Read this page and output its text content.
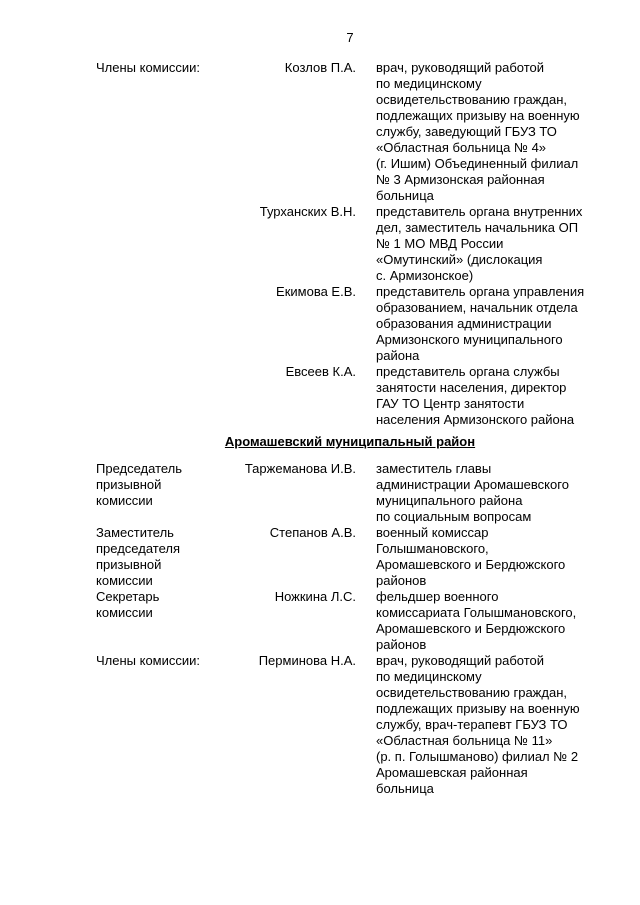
7
Члены комиссии:	Козлов П.А. врач, руководящий работой
по медицинскому
освидетельствованию граждан,
подлежащих призыву на военную
службу, заведующий ГБУЗ ТО
«Областная больница № 4»
(г. Ишим) Объединенный филиал
№ 3 Армизонская районная
больница
Турханских В.Н. представитель органа внутренних
дел, заместитель начальника ОП
№ 1 МО МВД России
«Омутинский» (дислокация
с. Армизонское)
Екимова Е.В. представитель органа управления
образованием, начальник отдела
образования администрации
Армизонского муниципального
района
Евсеев К.А. представитель органа службы
занятости населения, директор
ГАУ ТО Центр занятости
населения Армизонского района
Аромашевский муниципальный район
Председатель
призывной
комиссии
Таржеманова И.В. заместитель главы
администрации Аромашевского
муниципального района
по социальным вопросам
Заместитель
председателя
призывной
комиссии
Степанов А.В. военный комиссар
Голышмановского,
Аромашевского и Бердюжского
районов
Секретарь
комиссии
Ножкина Л.С. фельдшер военного
комиссариата Голышмановского,
Аромашевского и Бердюжского
районов
Члены комиссии:	Перминова Н.А. врач, руководящий работой
по медицинскому
освидетельствованию граждан,
подлежащих призыву на военную
службу, врач-терапевт ГБУЗ ТО
«Областная больница № 11»
(р. п. Голышманово) филиал № 2
Аромашевская районная
больница
